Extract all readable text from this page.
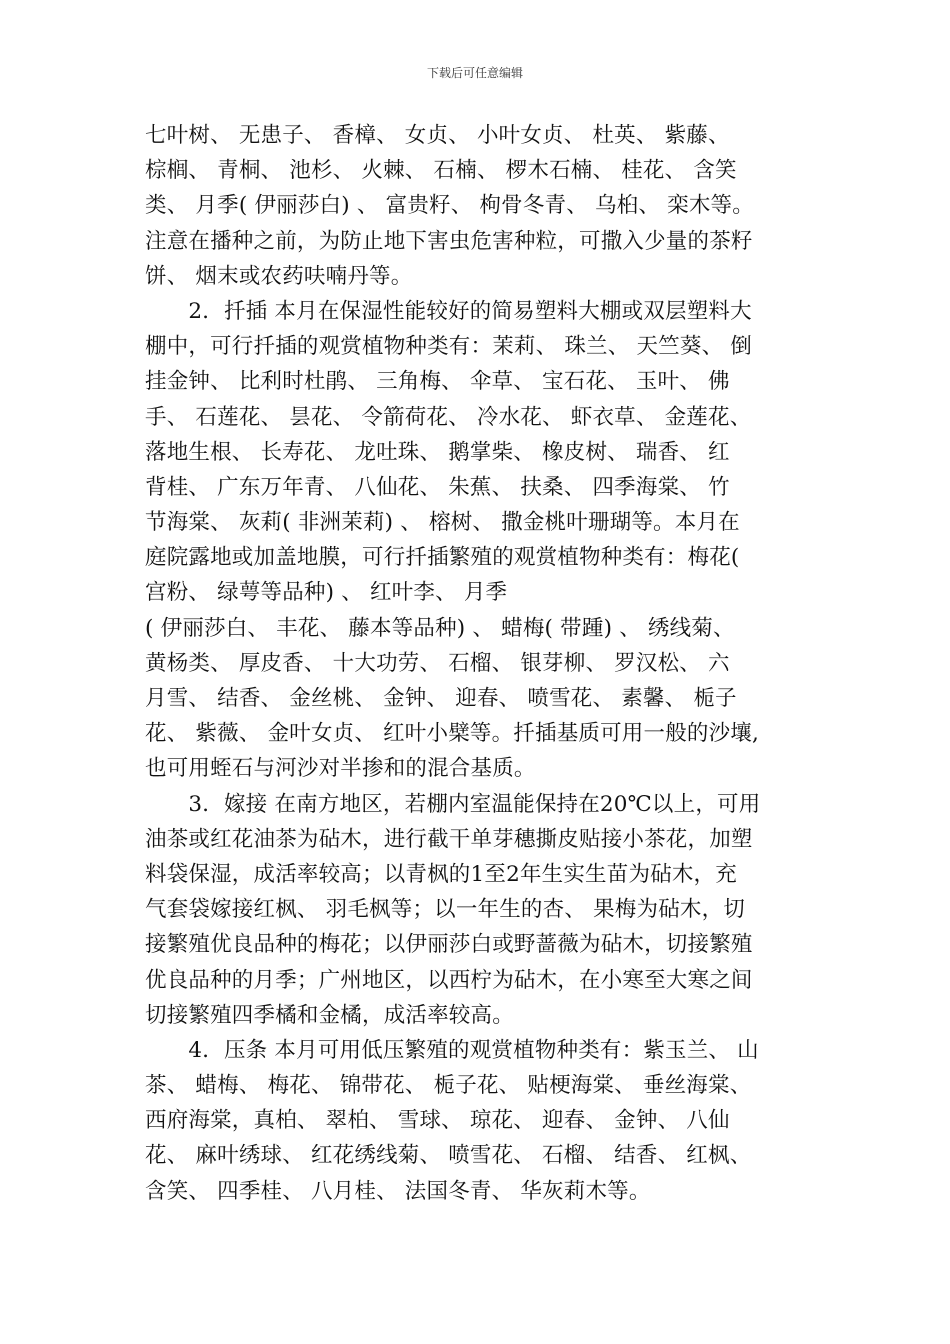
下载后可任意编辑
七叶树、 无患子、 香樟、 女贞、 小叶女贞、 杜英、 紫藤、
棕榈、 青桐、 池杉、 火棘、 石楠、 椤木石楠、 桂花、 含笑
类、 月季( 伊丽莎白) 、 富贵籽、 枸骨冬青、 乌桕、 栾木等。
注意在播种之前，为防止地下害虫危害种粒，可撒入少量的茶籽
饼、 烟末或农药呋喃丹等。
　　2．扦插 本月在保湿性能较好的简易塑料大棚或双层塑料大
棚中，可行扦插的观赏植物种类有：茉莉、 珠兰、 天竺葵、 倒
挂金钟、 比利时杜鹃、 三角梅、 伞草、 宝石花、 玉叶、 佛
手、 石莲花、 昙花、 令箭荷花、 冷水花、 虾衣草、 金莲花、
落地生根、 长寿花、 龙吐珠、 鹅掌柴、 橡皮树、 瑞香、 红
背桂、 广东万年青、 八仙花、 朱蕉、 扶桑、 四季海棠、 竹
节海棠、 灰莉( 非洲茉莉) 、 榕树、 撒金桃叶珊瑚等。本月在
庭院露地或加盖地膜，可行扦插繁殖的观赏植物种类有：梅花(
宫粉、 绿萼等品种) 、 红叶李、 月季
( 伊丽莎白、 丰花、 藤本等品种) 、 蜡梅( 带踵) 、 绣线菊、
黄杨类、 厚皮香、 十大功劳、 石榴、 银芽柳、 罗汉松、 六
月雪、 结香、 金丝桃、 金钟、 迎春、 喷雪花、 素馨、 栀子
花、 紫薇、 金叶女贞、 红叶小檗等。扦插基质可用一般的沙壤,
也可用蛭石与河沙对半掺和的混合基质。
　　3．嫁接 在南方地区，若棚内室温能保持在20℃以上，可用
油茶或红花油茶为砧木，进行截干单芽穗撕皮贴接小茶花，加塑
料袋保湿，成活率较高；以青枫的1至2年生实生苗为砧木，充
气套袋嫁接红枫、 羽毛枫等；以一年生的杏、 果梅为砧木，切
接繁殖优良品种的梅花；以伊丽莎白或野蔷薇为砧木，切接繁殖
优良品种的月季；广州地区，以西柠为砧木，在小寒至大寒之间
切接繁殖四季橘和金橘，成活率较高。
　　4．压条 本月可用低压繁殖的观赏植物种类有：紫玉兰、 山
茶、 蜡梅、 梅花、 锦带花、 栀子花、 贴梗海棠、 垂丝海棠、
西府海棠，真柏、 翠柏、 雪球、 琼花、 迎春、 金钟、 八仙
花、 麻叶绣球、 红花绣线菊、 喷雪花、 石榴、 结香、 红枫、
含笑、 四季桂、 八月桂、 法国冬青、 华灰莉木等。
